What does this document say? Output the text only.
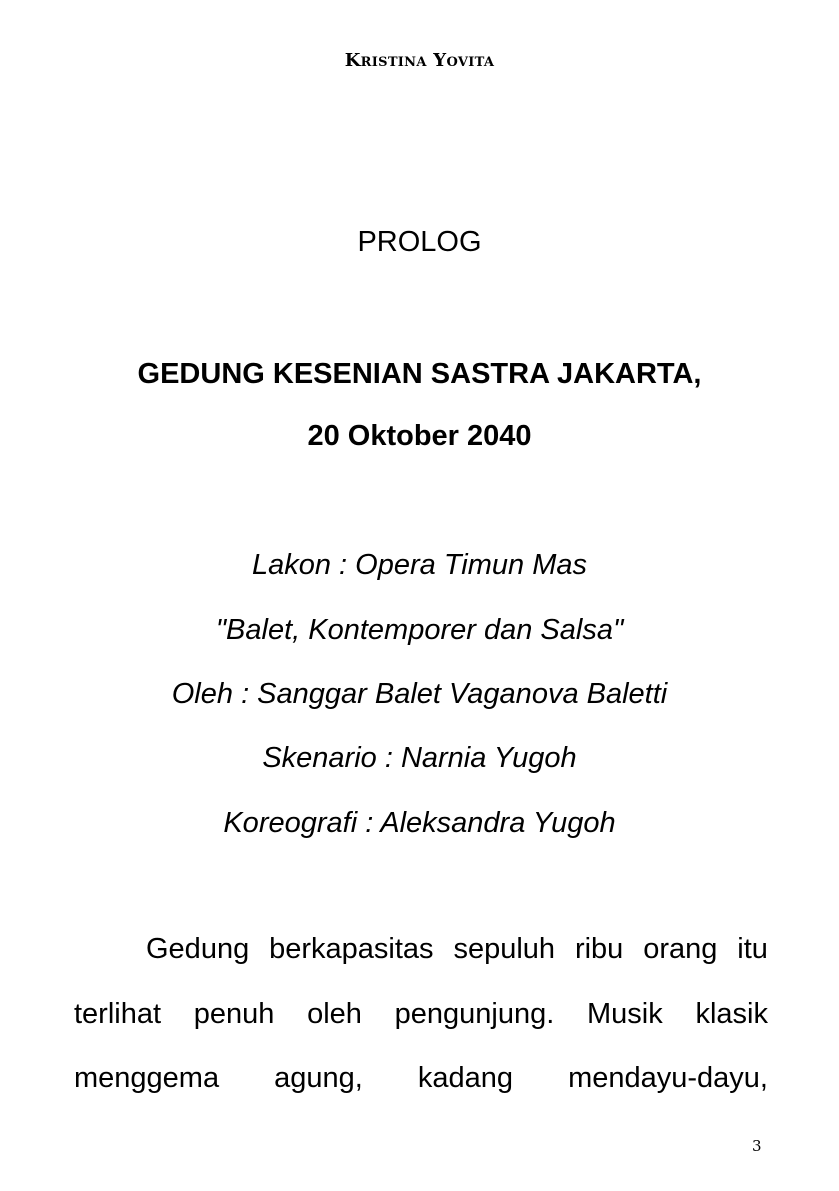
Kristina Yovita
PROLOG
GEDUNG KESENIAN SASTRA JAKARTA,
20 Oktober 2040
Lakon : Opera Timun Mas
"Balet, Kontemporer dan Salsa"
Oleh : Sanggar Balet Vaganova Baletti
Skenario : Narnia Yugoh
Koreografi : Aleksandra Yugoh
Gedung berkapasitas sepuluh ribu orang itu
terlihat penuh oleh pengunjung. Musik klasik
menggema agung, kadang mendayu-dayu,
3
